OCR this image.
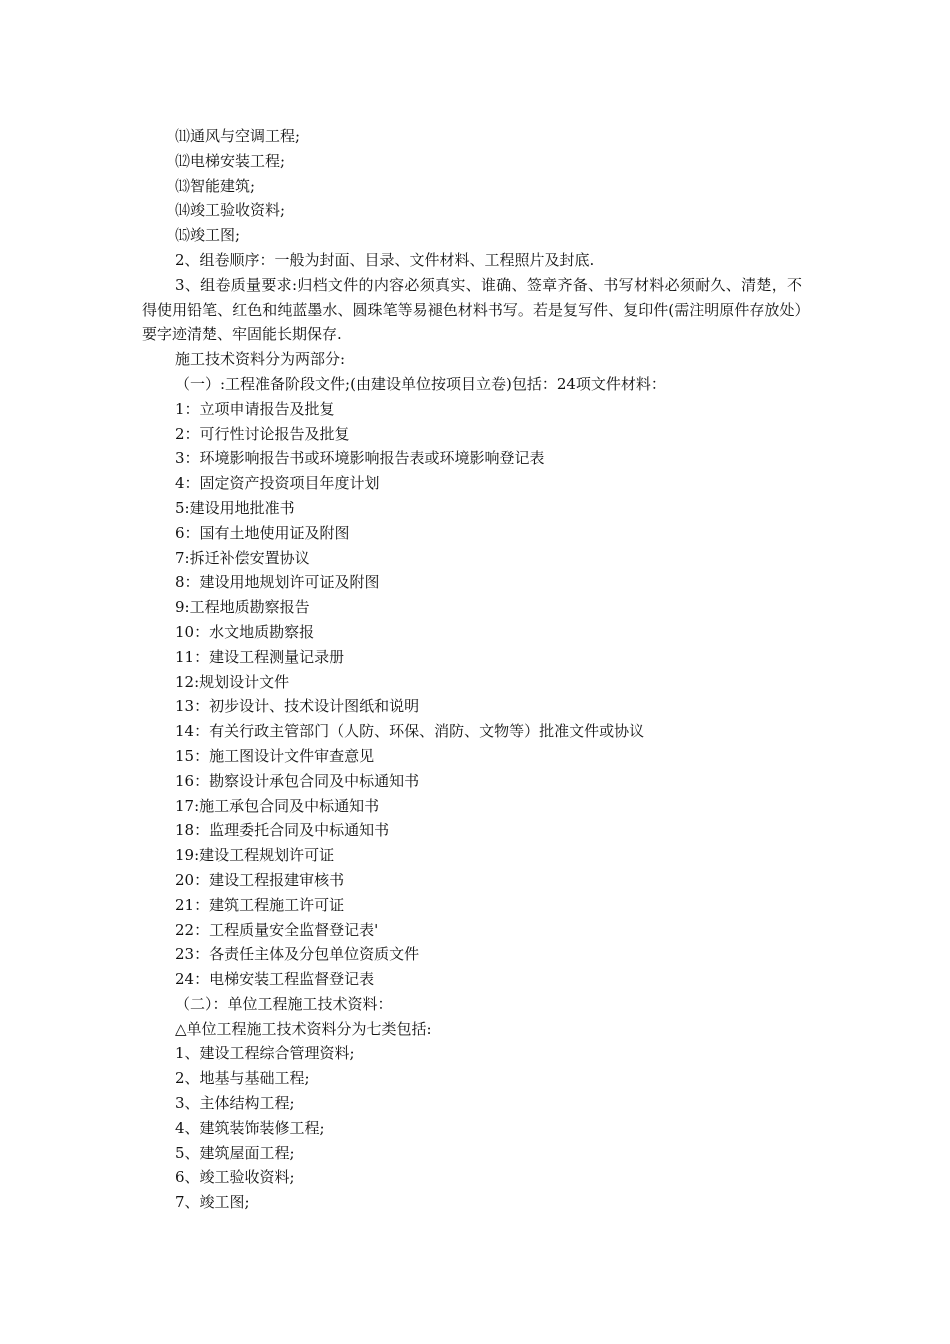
⑾通风与空调工程;

⑿电梯安装工程;

⒀智能建筑;

⒁竣工验收资料;

⒂竣工图;

2、组卷顺序：一般为封面、目录、文件材料、工程照片及封底.

3、组卷质量要求:归档文件的内容必须真实、谁确、签章齐备、书写材料必须耐久、清楚，不得使用铅笔、红色和纯蓝墨水、圆珠笔等易褪色材料书写。若是复写件、复印件(需注明原件存放处）要字迹清楚、牢固能长期保存.

施工技术资料分为两部分:

（一）:工程准备阶段文件;(由建设单位按项目立卷)包括：24项文件材料：

1：立项申请报告及批复

2：可行性讨论报告及批复

3：环境影响报告书或环境影响报告表或环境影响登记表

4：固定资产投资项目年度计划

5:建设用地批准书

6：国有土地使用证及附图

7:拆迁补偿安置协议

8：建设用地规划许可证及附图

9:工程地质勘察报告

10：水文地质勘察报

11：建设工程测量记录册

12:规划设计文件

13：初步设计、技术设计图纸和说明

14：有关行政主管部门（人防、环保、消防、文物等）批准文件或协议

15：施工图设计文件审查意见

16：勘察设计承包合同及中标通知书

17:施工承包合同及中标通知书

18：监理委托合同及中标通知书

19:建设工程规划许可证

20：建设工程报建审核书

21：建筑工程施工许可证

22：工程质量安全监督登记表'

23：各责任主体及分包单位资质文件

24：电梯安装工程监督登记表

（二）：单位工程施工技术资料：

△单位工程施工技术资料分为七类包括:

1、建设工程综合管理资料;

2、地基与基础工程;

3、主体结构工程;

4、建筑装饰装修工程;

5、建筑屋面工程;

6、竣工验收资料;

7、竣工图;
